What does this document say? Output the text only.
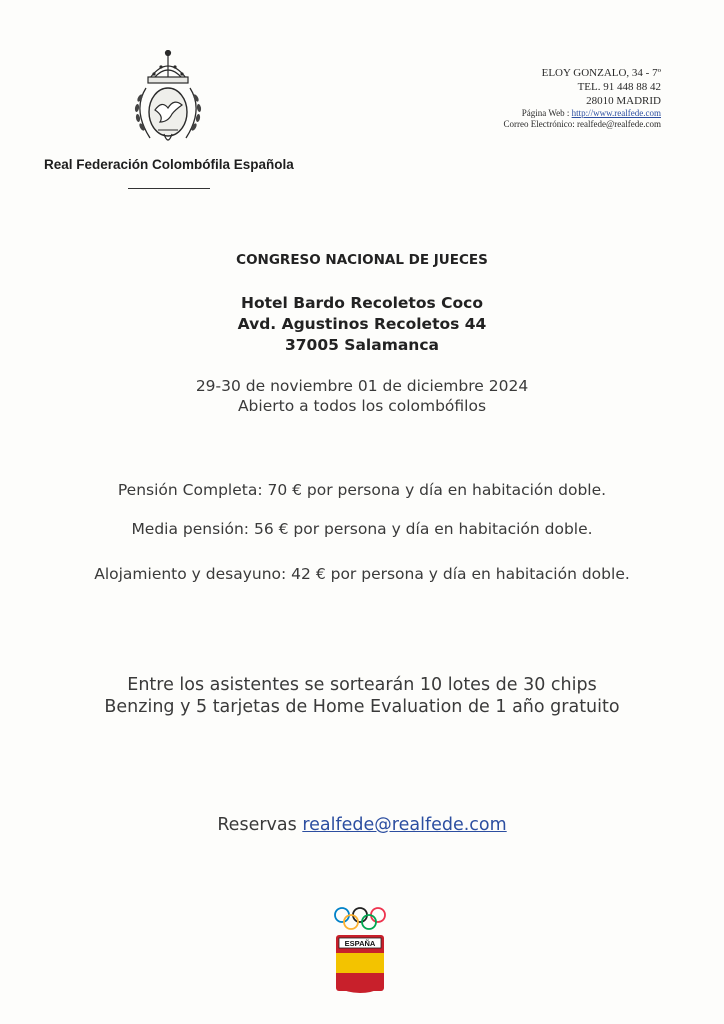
Real Federación Colombófila Española
ELOY GONZALO, 34 - 7º
TEL. 91 448 88 42
28010 MADRID
Página Web : http://www.realfede.com
Correo Electrónico: realfede@realfede.com
CONGRESO NACIONAL DE JUECES
Hotel Bardo Recoletos Coco
Avd. Agustinos Recoletos 44
37005 Salamanca
29-30 de noviembre 01 de diciembre 2024
Abierto a todos los colombófilos
Pensión Completa: 70 € por persona y día en habitación doble.
Media pensión: 56 € por persona y día en habitación doble.
Alojamiento y desayuno: 42 € por persona y día en habitación doble.
Entre los asistentes se sortearán 10 lotes de 30 chips Benzing y 5 tarjetas de Home Evaluation de 1 año gratuito
Reservas realfede@realfede.com
ESPAÑA
